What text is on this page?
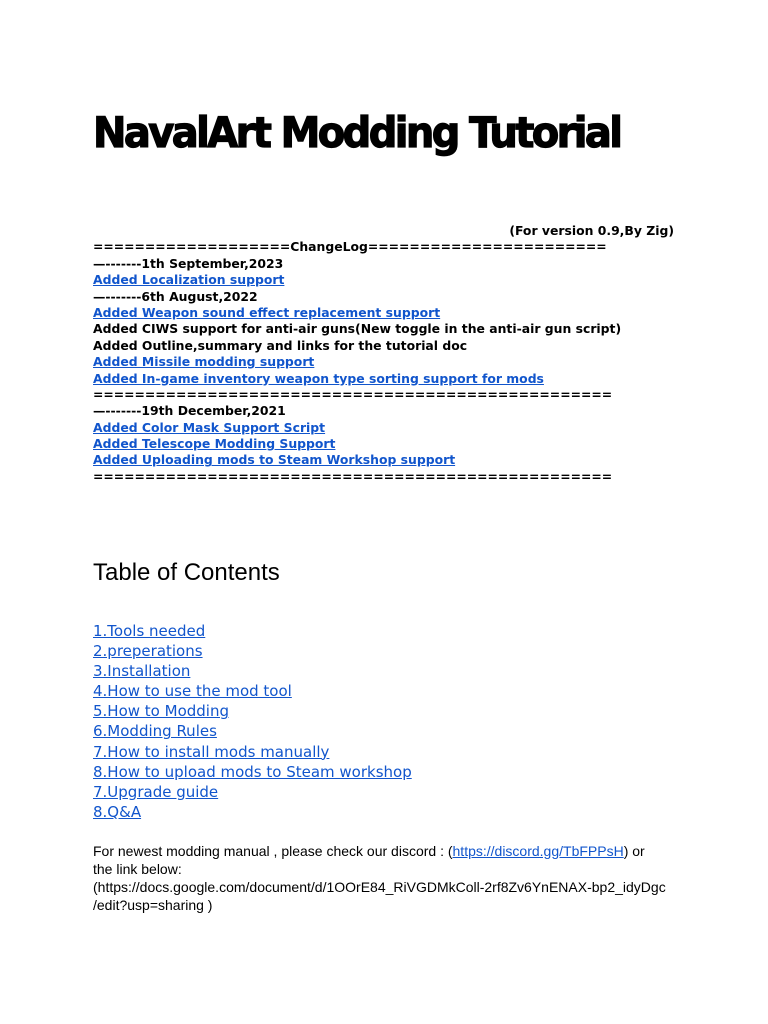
NavalArt Modding Tutorial
(For version 0.9,By Zig)
===================ChangeLog=======================
—-------1th September,2023
Added Localization support
—-------6th August,2022
Added Weapon sound effect replacement support
Added CIWS support for anti-air guns(New toggle in the anti-air gun script)
Added Outline,summary and links for the tutorial doc
Added Missile modding support
Added In-game inventory weapon type sorting support for mods
==================================================
—-------19th December,2021
Added Color Mask Support Script
Added Telescope Modding Support
Added Uploading mods to Steam Workshop support
==================================================
Table of Contents
1.Tools needed
2.preperations
3.Installation
4.How to use the mod tool
5.How to Modding
6.Modding Rules
7.How to install mods manually
8.How to upload mods to Steam workshop
7.Upgrade guide
8.Q&A
For newest modding manual , please check our discord : (https://discord.gg/TbFPPsH) or
the link below:
(https://docs.google.com/document/d/1OOrE84_RiVGDMkColl-2rf8Zv6YnENAX-bp2_idyDgc
/edit?usp=sharing )
